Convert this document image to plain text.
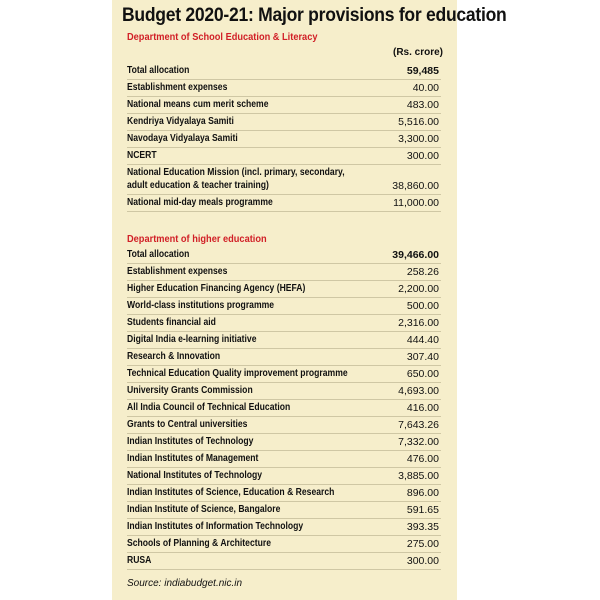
Budget 2020-21: Major provisions for education
Department of School Education & Literacy
(Rs. crore)
Total allocation	59,485
Establishment expenses	40.00
National means cum merit scheme	483.00
Kendriya Vidyalaya Samiti	5,516.00
Navodaya Vidyalaya Samiti	3,300.00
NCERT	300.00
National Education Mission (incl. primary, secondary,
adult education & teacher training)	38,860.00
National mid-day meals programme	11,000.00
Department of higher education
Total allocation	39,466.00
Establishment expenses	258.26
Higher Education Financing Agency (HEFA)	2,200.00
World-class institutions programme	500.00
Students financial aid	2,316.00
Digital India e-learning initiative	444.40
Research & Innovation	307.40
Technical Education Quality improvement programme	650.00
University Grants Commission	4,693.00
All India Council of Technical Education	416.00
Grants to Central universities	7,643.26
Indian Institutes of Technology	7,332.00
Indian Institutes of Management	476.00
National Institutes of Technology	3,885.00
Indian Institutes of Science, Education & Research	896.00
Indian Institute of Science, Bangalore	591.65
Indian Institutes of Information Technology	393.35
Schools of Planning & Architecture	275.00
RUSA	300.00
Source: indiabudget.nic.in
